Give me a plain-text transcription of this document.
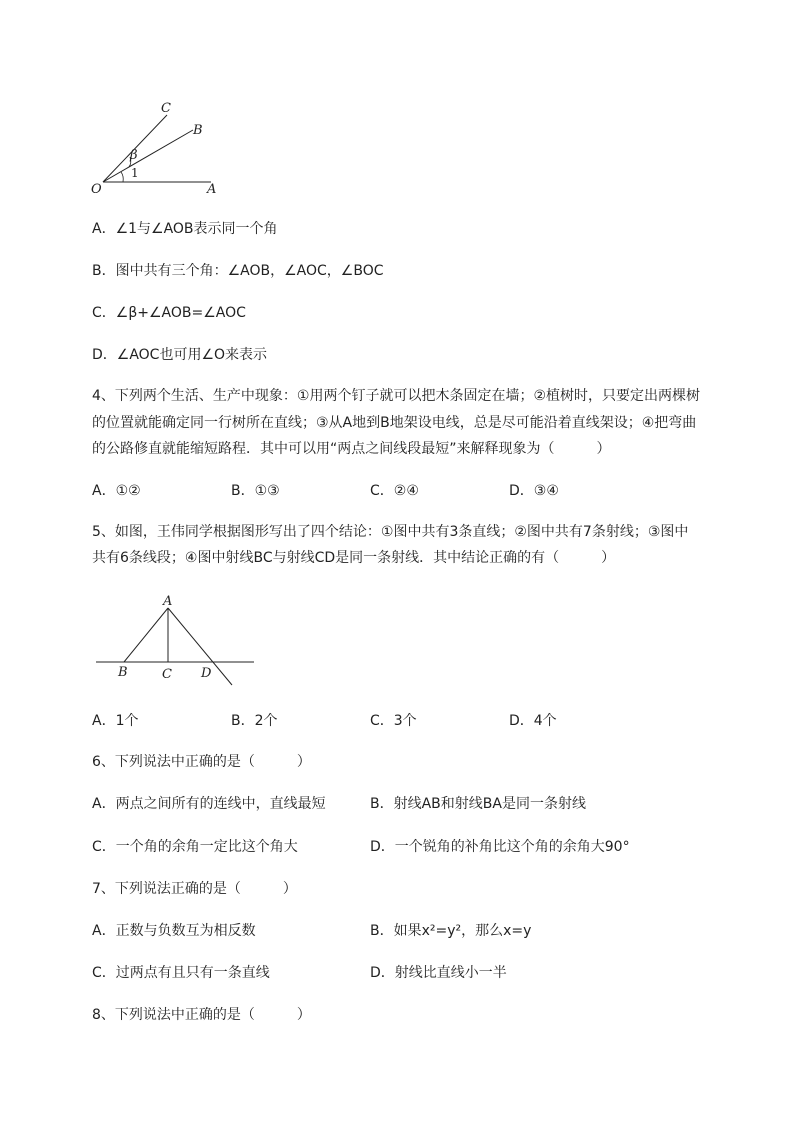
C
B
β
1
O	A
A．∠1与∠AOB表示同一个角
B．图中共有三个角：∠AOB，∠AOC，∠BOC
C．∠β+∠AOB=∠AOC
D．∠AOC也可用∠O来表示
4、下列两个生活、生产中现象：①用两个钉子就可以把木条固定在墙；②植树时，只要定出两棵树
的位置就能确定同一行树所在直线；③从A地到B地架设电线，总是尽可能沿着直线架设；④把弯曲
的公路修直就能缩短路程．其中可以用“两点之间线段最短”来解释现象为（　　　）
A．①②	B．①③	C．②④	D．③④
5、如图，王伟同学根据图形写出了四个结论：①图中共有3条直线；②图中共有7条射线；③图中
共有6条线段；④图中射线BC与射线CD是同一条射线．其中结论正确的有（　　　）
A
B	C D
A．1个	B．2个	C．3个	D．4个
6、下列说法中正确的是（　　　）
A．两点之间所有的连线中，直线最短	B．射线AB和射线BA是同一条射线
C．一个角的余角一定比这个角大	D．一个锐角的补角比这个角的余角大90°
7、下列说法正确的是（　　　）
A．正数与负数互为相反数	B．如果x²=y²，那么x=y
C．过两点有且只有一条直线	D．射线比直线小一半
8、下列说法中正确的是（　　　）
